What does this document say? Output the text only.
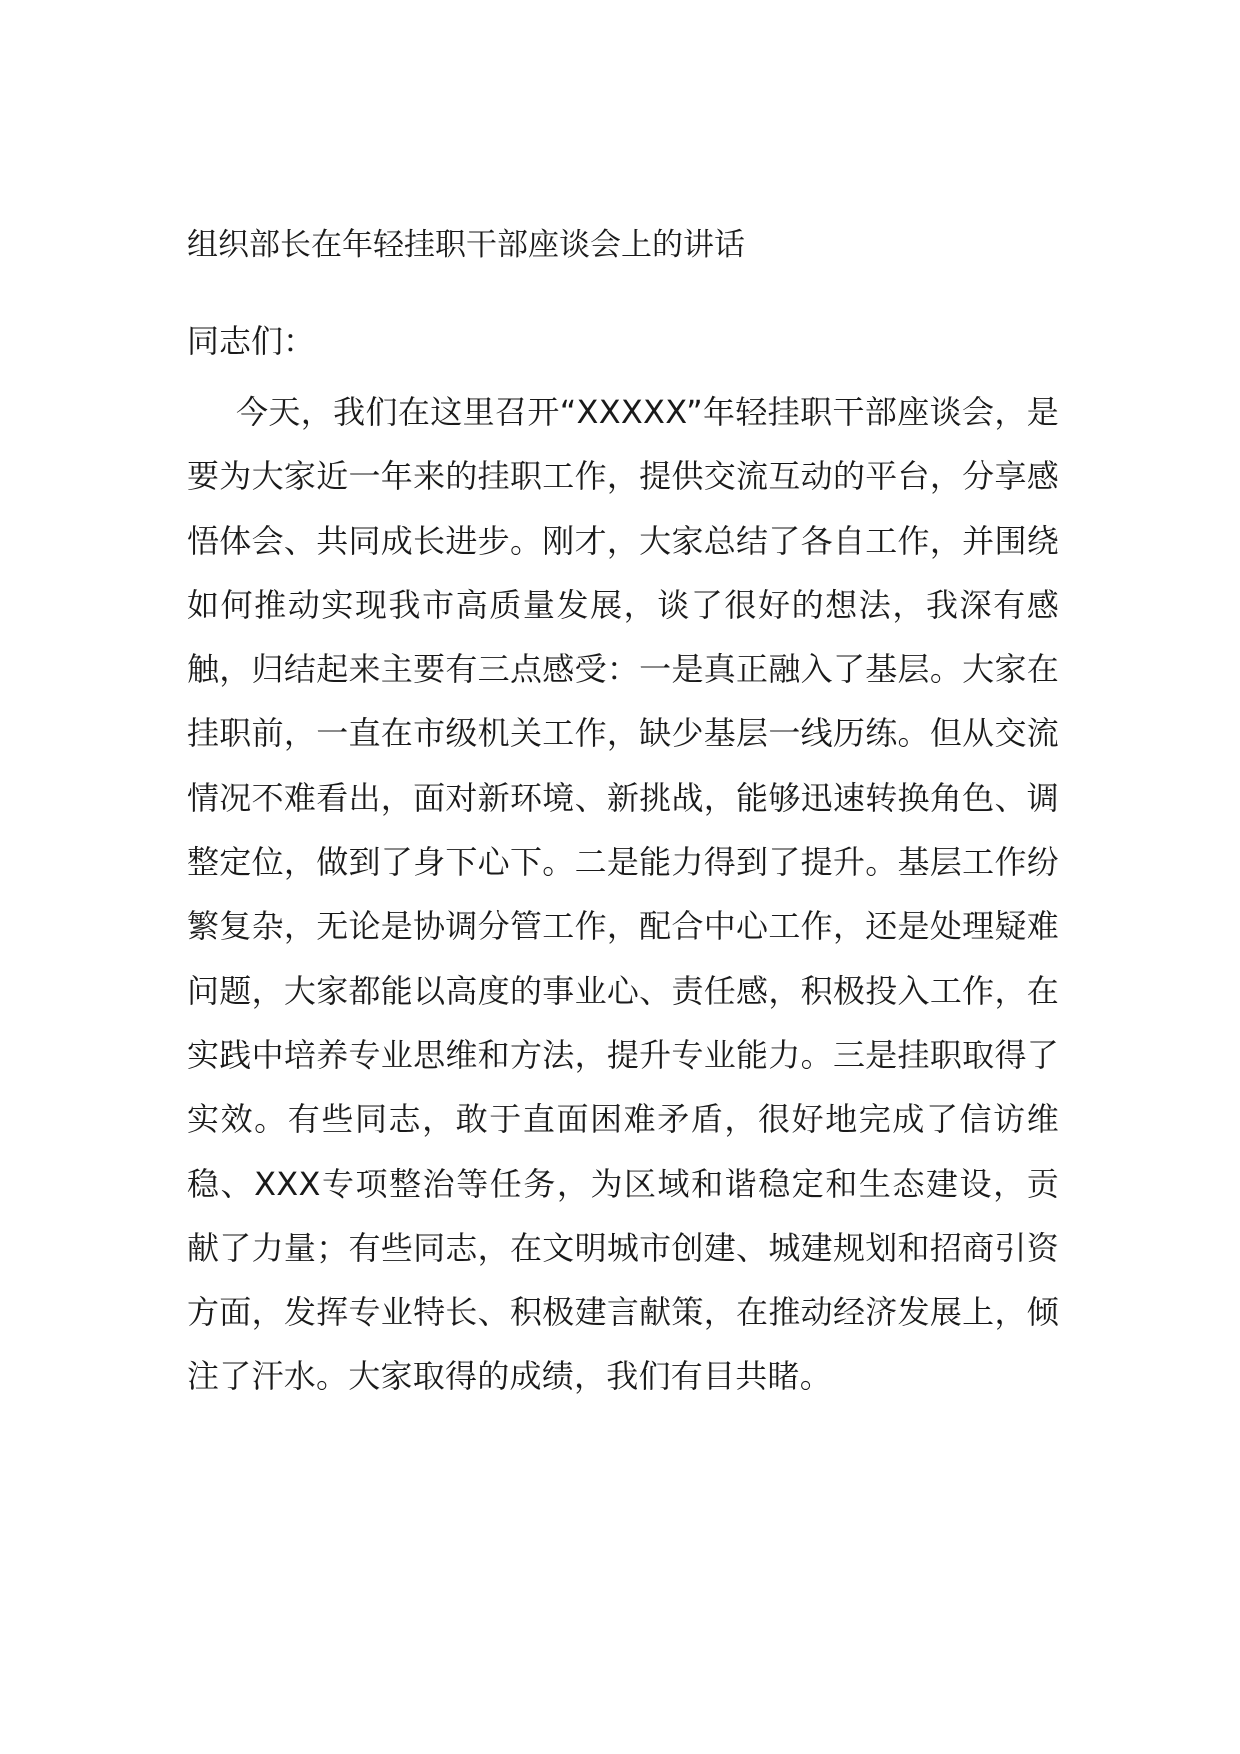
组织部长在年轻挂职干部座谈会上的讲话

同志们：

今天，我们在这里召开“XXXXX”年轻挂职干部座谈会，是要为大家近一年来的挂职工作，提供交流互动的平台，分享感悟体会、共同成长进步。刚才，大家总结了各自工作，并围绕如何推动实现我市高质量发展，谈了很好的想法，我深有感触，归结起来主要有三点感受：一是真正融入了基层。大家在挂职前，一直在市级机关工作，缺少基层一线历练。但从交流情况不难看出，面对新环境、新挑战，能够迅速转换角色、调整定位，做到了身下心下。二是能力得到了提升。基层工作纷繁复杂，无论是协调分管工作，配合中心工作，还是处理疑难问题，大家都能以高度的事业心、责任感，积极投入工作，在实践中培养专业思维和方法，提升专业能力。三是挂职取得了实效。有些同志，敢于直面困难矛盾，很好地完成了信访维稳、XXX专项整治等任务，为区域和谐稳定和生态建设，贡献了力量；有些同志，在文明城市创建、城建规划和招商引资方面，发挥专业特长、积极建言献策，在推动经济发展上，倾注了汗水。大家取得的成绩，我们有目共睹。
